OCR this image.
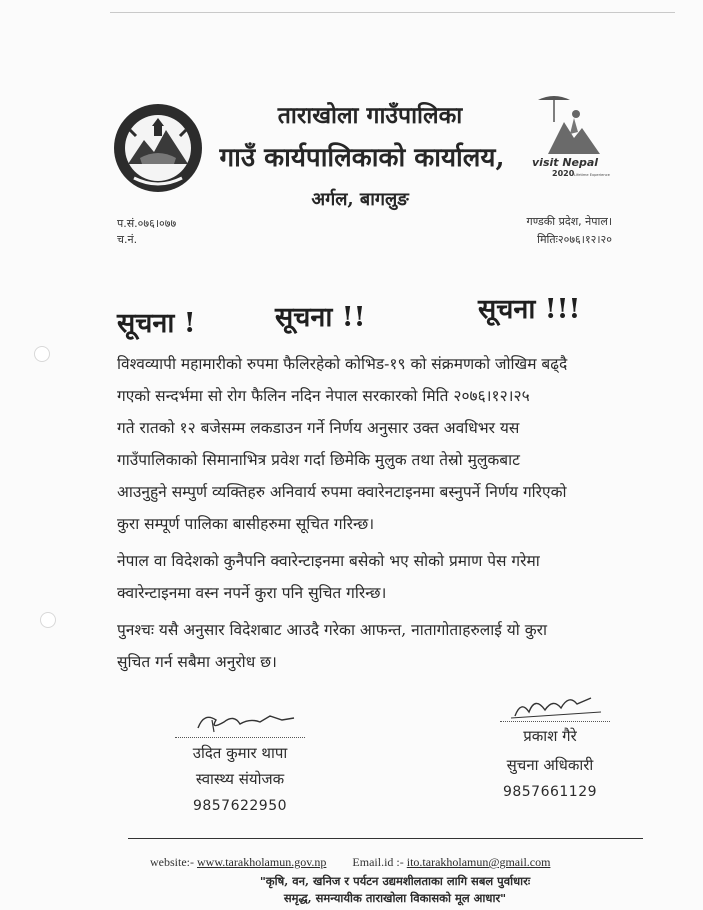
ताराखोला गाउँपालिका
गाउँ कार्यपालिकाको कार्यालय,
अर्गल, बागलुङ
visit Nepal
2020 Lifetime Experiences
प.सं.०७६।०७७
च.नं.
गण्डकी प्रदेश, नेपाल।
मितिः२०७६।१२।२०
सूचना !	सूचना !!	सूचना !!!
विश्वव्यापी महामारीको रुपमा फैलिरहेको कोभिड-१९ को संक्रमणको जोखिम बढ्दै
गएको सन्दर्भमा सो रोग फैलिन नदिन नेपाल सरकारको मिति २०७६।१२।२५
गते रातको १२ बजेसम्म लकडाउन गर्ने निर्णय अनुसार उक्त अवधिभर यस
गाउँपालिकाको सिमानाभित्र प्रवेश गर्दा छिमेकि मुलुक तथा तेस्रो मुलुकबाट
आउनुहुने सम्पुर्ण व्यक्तिहरु अनिवार्य रुपमा क्वारेनटाइनमा बस्नुपर्ने निर्णय गरिएको
कुरा सम्पूर्ण पालिका बासीहरुमा सूचित गरिन्छ।
नेपाल वा विदेशको कुनैपनि क्वारेन्टाइनमा बसेको भए सोको प्रमाण पेस गरेमा
क्वारेन्टाइनमा वस्न नपर्ने कुरा पनि सुचित गरिन्छ।
पुनश्चः यसै अनुसार विदेशबाट आउदै गरेका आफन्त, नातागोताहरुलाई यो कुरा
सुचित गर्न सबैमा अनुरोध छ।
उदित कुमार थापा
स्वास्थ्य संयोजक
9857622950
प्रकाश गैरे
सुचना अधिकारी
9857661129
website:- www.tarakholamun.gov.np Email.id :- ito.tarakholamun@gmail.com
"कृषि, वन, खनिज र पर्यटन उद्यमशीलताका लागि सबल पुर्वाधारः
समृद्ध, समन्यायीक ताराखोला विकासको मूल आधार"
